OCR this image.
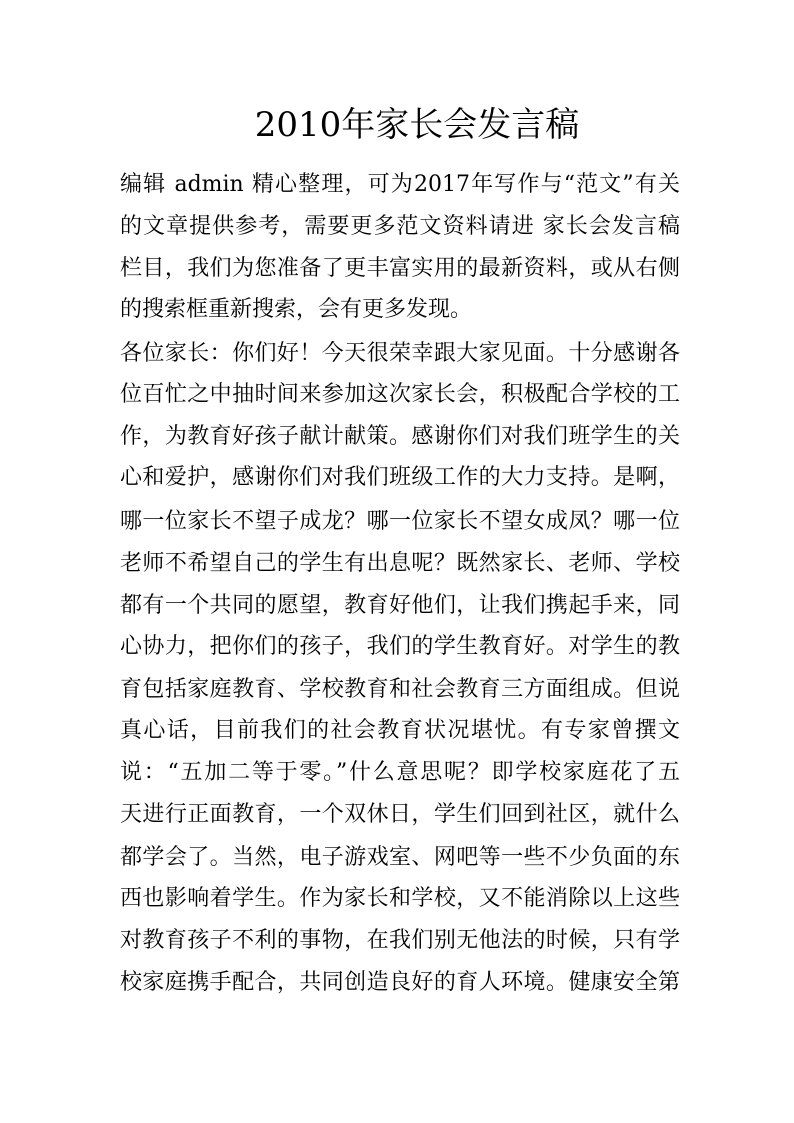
2010年家长会发言稿
编辑 admin 精心整理，可为2017年写作与“范文”有关
的文章提供参考，需要更多范文资料请进 家长会发言稿
栏目，我们为您准备了更丰富实用的最新资料，或从右侧
的搜索框重新搜索，会有更多发现。
各位家长：你们好！今天很荣幸跟大家见面。十分感谢各
位百忙之中抽时间来参加这次家长会，积极配合学校的工
作，为教育好孩子献计献策。感谢你们对我们班学生的关
心和爱护，感谢你们对我们班级工作的大力支持。是啊，
哪一位家长不望子成龙？哪一位家长不望女成凤？哪一位
老师不希望自己的学生有出息呢？既然家长、老师、学校
都有一个共同的愿望，教育好他们，让我们携起手来，同
心协力，把你们的孩子，我们的学生教育好。对学生的教
育包括家庭教育、学校教育和社会教育三方面组成。但说
真心话，目前我们的社会教育状况堪忧。有专家曾撰文
说：“五加二等于零。”什么意思呢？即学校家庭花了五
天进行正面教育，一个双休日，学生们回到社区，就什么
都学会了。当然，电子游戏室、网吧等一些不少负面的东
西也影响着学生。作为家长和学校，又不能消除以上这些
对教育孩子不利的事物，在我们别无他法的时候，只有学
校家庭携手配合，共同创造良好的育人环境。健康安全第
